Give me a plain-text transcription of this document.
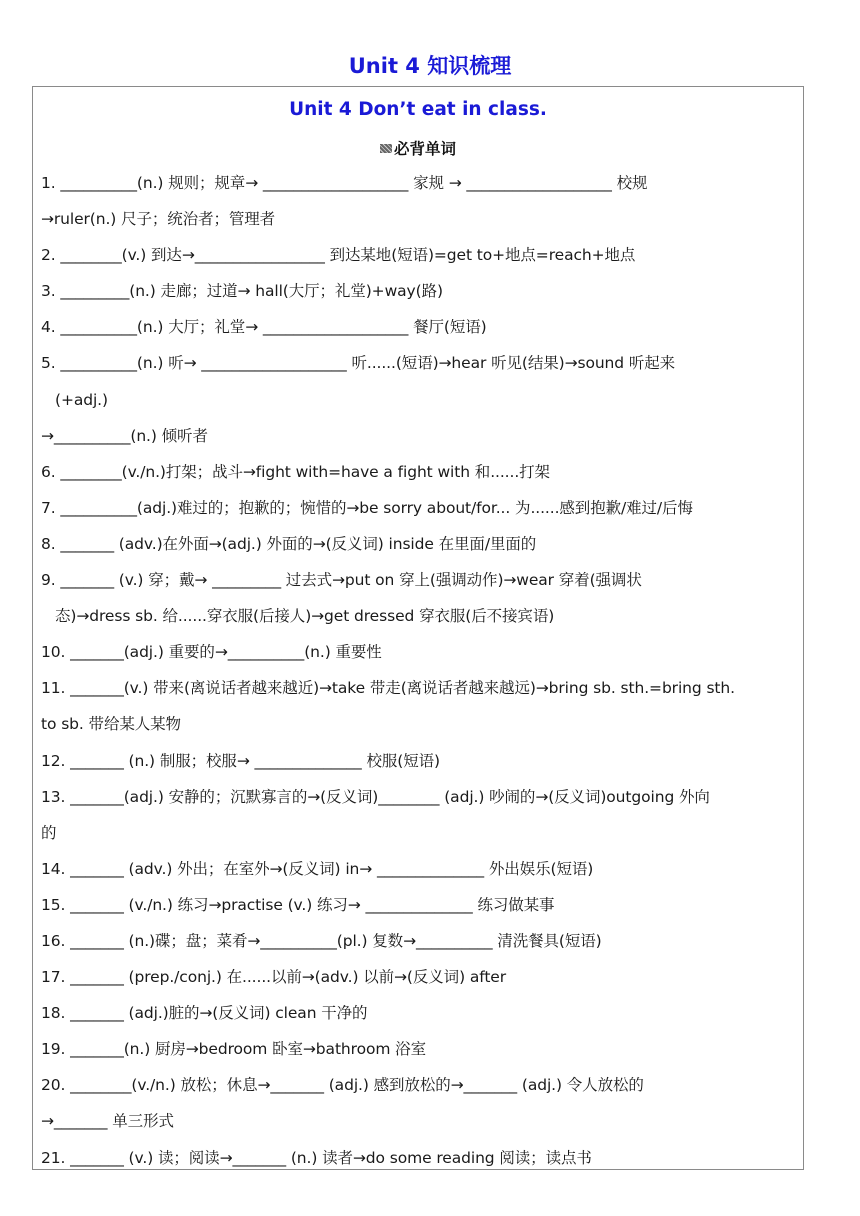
Unit 4 知识梳理
Unit 4 Don’t eat in class.
必背单词
1. __________(n.) 规则；规章→ ___________________ 家规 → ___________________ 校规
→ruler(n.) 尺子；统治者；管理者
2. ________(v.) 到达→_________________ 到达某地(短语)=get to+地点=reach+地点
3. _________(n.) 走廊；过道→ hall(大厅；礼堂)+way(路)
4. __________(n.) 大厅；礼堂→ ___________________ 餐厅(短语)
5. __________(n.) 听→ ___________________ 听......(短语)→hear 听见(结果)→sound 听起来
(+adj.)
→__________(n.) 倾听者
6. ________(v./n.)打架；战斗→fight with=have a fight with 和......打架
7. __________(adj.)难过的；抱歉的；惋惜的→be sorry about/for... 为......感到抱歉/难过/后悔
8. _______ (adv.)在外面→(adj.) 外面的→(反义词) inside 在里面/里面的
9. _______ (v.) 穿；戴→ _________ 过去式→put on 穿上(强调动作)→wear 穿着(强调状
态)→dress sb. 给......穿衣服(后接人)→get dressed 穿衣服(后不接宾语)
10. _______(adj.) 重要的→__________(n.) 重要性
11. _______(v.) 带来(离说话者越来越近)→take 带走(离说话者越来越远)→bring sb. sth.=bring sth.
to sb. 带给某人某物
12. _______ (n.) 制服；校服→ ______________ 校服(短语)
13. _______(adj.) 安静的；沉默寡言的→(反义词)________ (adj.) 吵闹的→(反义词)outgoing 外向
的
14. _______ (adv.) 外出；在室外→(反义词) in→ ______________ 外出娱乐(短语)
15. _______ (v./n.) 练习→practise (v.) 练习→ ______________ 练习做某事
16. _______ (n.)碟；盘；菜肴→__________(pl.) 复数→__________ 清洗餐具(短语)
17. _______ (prep./conj.) 在......以前→(adv.) 以前→(反义词) after
18. _______ (adj.)脏的→(反义词) clean 干净的
19. _______(n.) 厨房→bedroom 卧室→bathroom 浴室
20. ________(v./n.) 放松；休息→_______ (adj.) 感到放松的→_______ (adj.) 令人放松的
→_______ 单三形式
21. _______ (v.) 读；阅读→_______ (n.) 读者→do some reading 阅读；读点书
